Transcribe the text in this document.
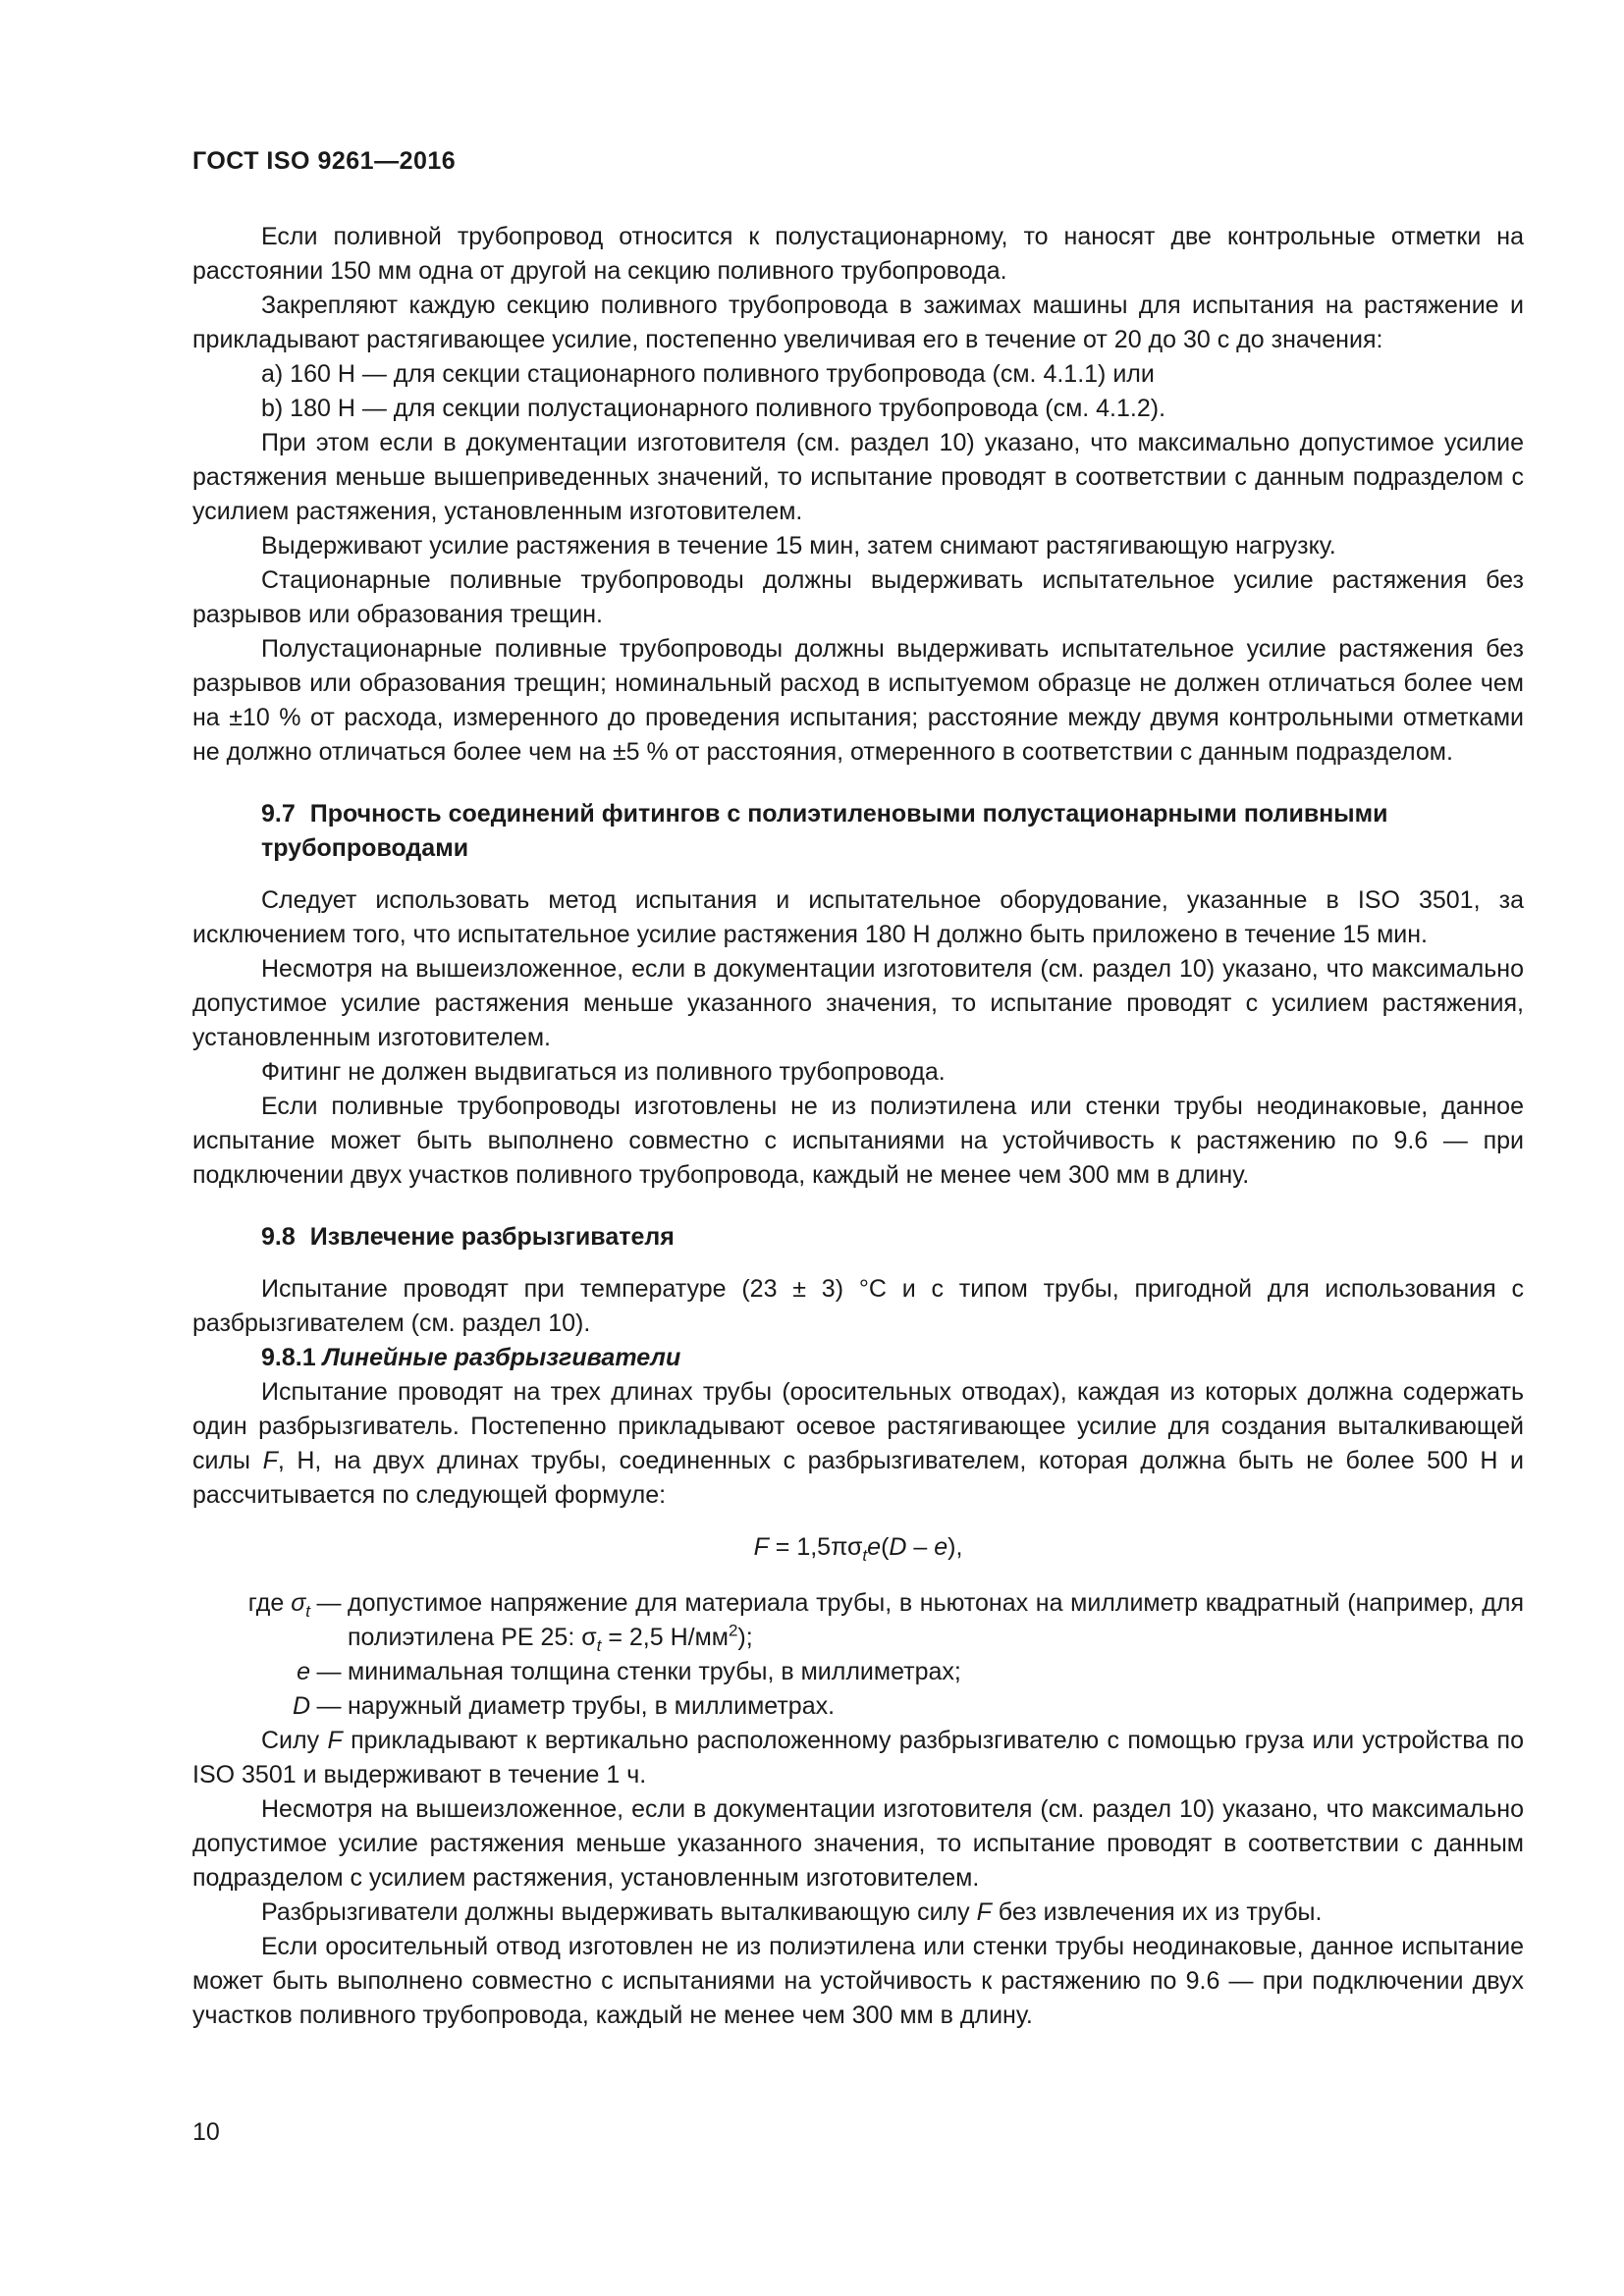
ГОСТ ISO 9261—2016

Если поливной трубопровод относится к полустационарному, то наносят две контрольные отметки на расстоянии 150 мм одна от другой на секцию поливного трубопровода.

Закрепляют каждую секцию поливного трубопровода в зажимах машины для испытания на растяжение и прикладывают растягивающее усилие, постепенно увеличивая его в течение от 20 до 30 с до значения:

a) 160 Н — для секции стационарного поливного трубопровода (см. 4.1.1) или

b) 180 Н — для секции полустационарного поливного трубопровода (см. 4.1.2).

При этом если в документации изготовителя (см. раздел 10) указано, что максимально допустимое усилие растяжения меньше вышеприведенных значений, то испытание проводят в соответствии с данным подразделом с усилием растяжения, установленным изготовителем.

Выдерживают усилие растяжения в течение 15 мин, затем снимают растягивающую нагрузку.

Стационарные поливные трубопроводы должны выдерживать испытательное усилие растяжения без разрывов или образования трещин.

Полустационарные поливные трубопроводы должны выдерживать испытательное усилие растяжения без разрывов или образования трещин; номинальный расход в испытуемом образце не должен отличаться более чем на ±10 % от расхода, измеренного до проведения испытания; расстояние между двумя контрольными отметками не должно отличаться более чем на ±5 % от расстояния, отмеренного в соответствии с данным подразделом.

9.7 Прочность соединений фитингов с полиэтиленовыми полустационарными поливными трубопроводами

Следует использовать метод испытания и испытательное оборудование, указанные в ISO 3501, за исключением того, что испытательное усилие растяжения 180 Н должно быть приложено в течение 15 мин.

Несмотря на вышеизложенное, если в документации изготовителя (см. раздел 10) указано, что максимально допустимое усилие растяжения меньше указанного значения, то испытание проводят с усилием растяжения, установленным изготовителем.

Фитинг не должен выдвигаться из поливного трубопровода.

Если поливные трубопроводы изготовлены не из полиэтилена или стенки трубы неодинаковые, данное испытание может быть выполнено совместно с испытаниями на устойчивость к растяжению по 9.6 — при подключении двух участков поливного трубопровода, каждый не менее чем 300 мм в длину.

9.8 Извлечение разбрызгивателя

Испытание проводят при температуре (23 ± 3) °С и с типом трубы, пригодной для использования с разбрызгивателем (см. раздел 10).

9.8.1 Линейные разбрызгиватели

Испытание проводят на трех длинах трубы (оросительных отводах), каждая из которых должна содержать один разбрызгиватель. Постепенно прикладывают осевое растягивающее усилие для создания выталкивающей силы F, Н, на двух длинах трубы, соединенных с разбрызгивателем, которая должна быть не более 500 Н и рассчитывается по следующей формуле:

$F = 1,5\pi\sigma_te(D - e)$,
где $\sigma_t$ — допустимое напряжение для материала трубы, в ньютонах на миллиметр квадратный (например, для полиэтилена РЕ 25: $\sigma_t = 2,5$ $Н/мм^2$);
e — минимальная толщина стенки трубы, в миллиметрах;
D — наружный диаметр трубы, в миллиметрах.

Силу F прикладывают к вертикально расположенному разбрызгивателю с помощью груза или устройства по ISO 3501 и выдерживают в течение 1 ч.

Несмотря на вышеизложенное, если в документации изготовителя (см. раздел 10) указано, что максимально допустимое усилие растяжения меньше указанного значения, то испытание проводят в соответствии с данным подразделом с усилием растяжения, установленным изготовителем.

Разбрызгиватели должны выдерживать выталкивающую силу F без извлечения их из трубы.

Если оросительный отвод изготовлен не из полиэтилена или стенки трубы неодинаковые, данное испытание может быть выполнено совместно с испытаниями на устойчивость к растяжению по 9.6 — при подключении двух участков поливного трубопровода, каждый не менее чем 300 мм в длину.

10
